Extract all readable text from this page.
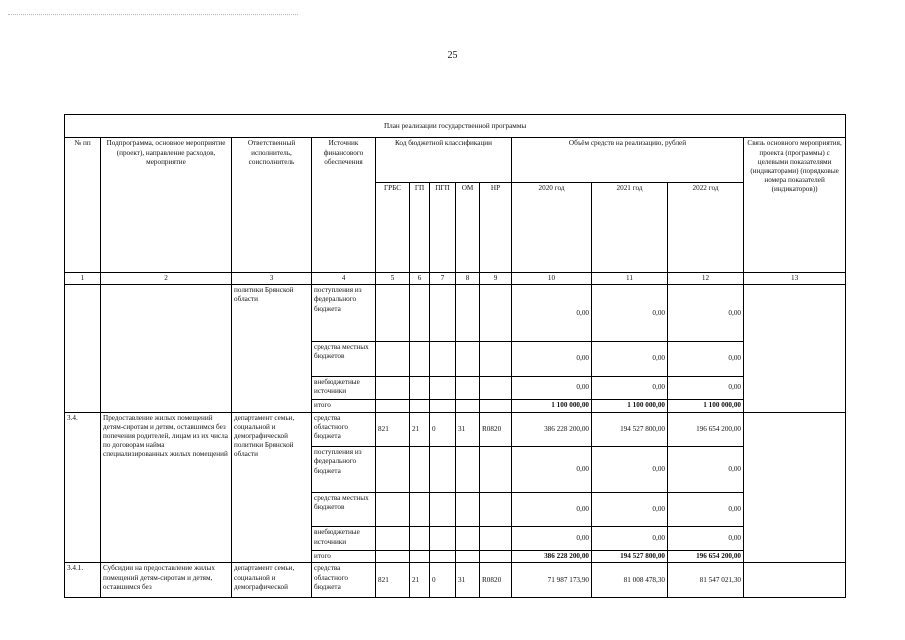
25
План реализации государственной программы												
№ пп	Подпрограмма, основное мероприятие (проект), направление расходов, мероприятие	Ответственный исполнитель, соисполнитель	Источник финансового обеспечения	Код бюджетной классификации					Объём средств на реализацию, рублей			Связь основного мероприятия, проекта (программы) с целевыми показателями (индикаторами) (порядковые номера показателей (индикаторов))
				ГРБС	ГП	ПГП	ОМ	НР	2020 год	2021 год	2022 год	
1	2	3	4	5	6	7	8	9	10	11	12	13
		политики Брянской области	поступления из федерального бюджета						0,00	0,00	0,00	
			средства местных бюджетов						0,00	0,00	0,00	
			внебюджетные источники						0,00	0,00	0,00	
			итого						1 100 000,00	1 100 000,00	1 100 000,00	
3.4.	Предоставление жилых помещений детям-сиротам и детям, оставшимся без попечения родителей, лицам из их числа по договорам найма специализированных жилых помещений	департамент семьи, социальной и демографической политики Брянской области	средства областного бюджета	821	21	0	31	R0820	386 228 200,00	194 527 800,00	196 654 200,00	
			поступления из федерального бюджета						0,00	0,00	0,00	
			средства местных бюджетов						0,00	0,00	0,00	
			внебюджетные источники						0,00	0,00	0,00	
			итого						386 228 200,00	194 527 800,00	196 654 200,00	
3.4.1.	Субсидии на предоставление жилых помещений детям-сиротам и детям, оставшимся без	департамент семьи, социальной и демографической	средства областного бюджета	821	21	0	31	R0820	71 987 173,90	81 008 478,30	81 547 021,30	
